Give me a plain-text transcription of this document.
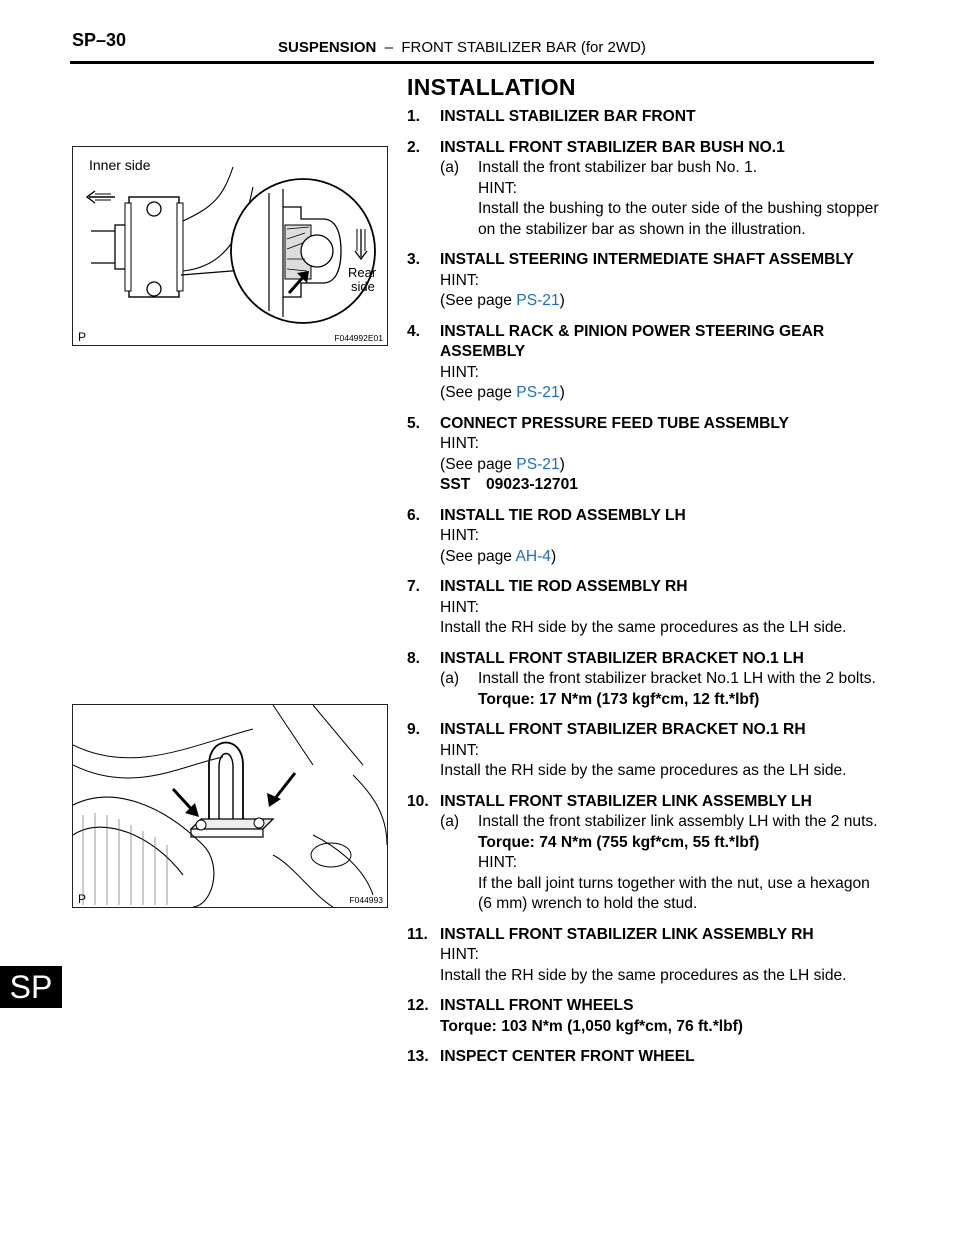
SP–30	SUSPENSION – FRONT STABILIZER BAR (for 2WD)
SP
INSTALLATION
Inner side
Rear
side
P	F044992E01
P	F044993
1.	INSTALL STABILIZER BAR FRONT
2.	INSTALL FRONT STABILIZER BAR BUSH NO.1
(a)	Install the front stabilizer bar bush No. 1.
HINT:
Install the bushing to the outer side of the bushing stopper on the stabilizer bar as shown in the illustration.
3.	INSTALL STEERING INTERMEDIATE SHAFT ASSEMBLY
HINT:
(See page PS-21)
4.	INSTALL RACK & PINION POWER STEERING GEAR ASSEMBLY
HINT:
(See page PS-21)
5.	CONNECT PRESSURE FEED TUBE ASSEMBLY
HINT:
(See page PS-21)
SST 09023-12701
6.	INSTALL TIE ROD ASSEMBLY LH
HINT:
(See page AH-4)
7.	INSTALL TIE ROD ASSEMBLY RH
HINT:
Install the RH side by the same procedures as the LH side.
8.	INSTALL FRONT STABILIZER BRACKET NO.1 LH
(a)	Install the front stabilizer bracket No.1 LH with the 2 bolts.
Torque: 17 N*m (173 kgf*cm, 12 ft.*lbf)
9.	INSTALL FRONT STABILIZER BRACKET NO.1 RH
HINT:
Install the RH side by the same procedures as the LH side.
10. INSTALL FRONT STABILIZER LINK ASSEMBLY LH
(a)	Install the front stabilizer link assembly LH with the 2 nuts.
Torque: 74 N*m (755 kgf*cm, 55 ft.*lbf)
HINT:
If the ball joint turns together with the nut, use a hexagon (6 mm) wrench to hold the stud.
11. INSTALL FRONT STABILIZER LINK ASSEMBLY RH
HINT:
Install the RH side by the same procedures as the LH side.
12. INSTALL FRONT WHEELS
Torque: 103 N*m (1,050 kgf*cm, 76 ft.*lbf)
13. INSPECT CENTER FRONT WHEEL
